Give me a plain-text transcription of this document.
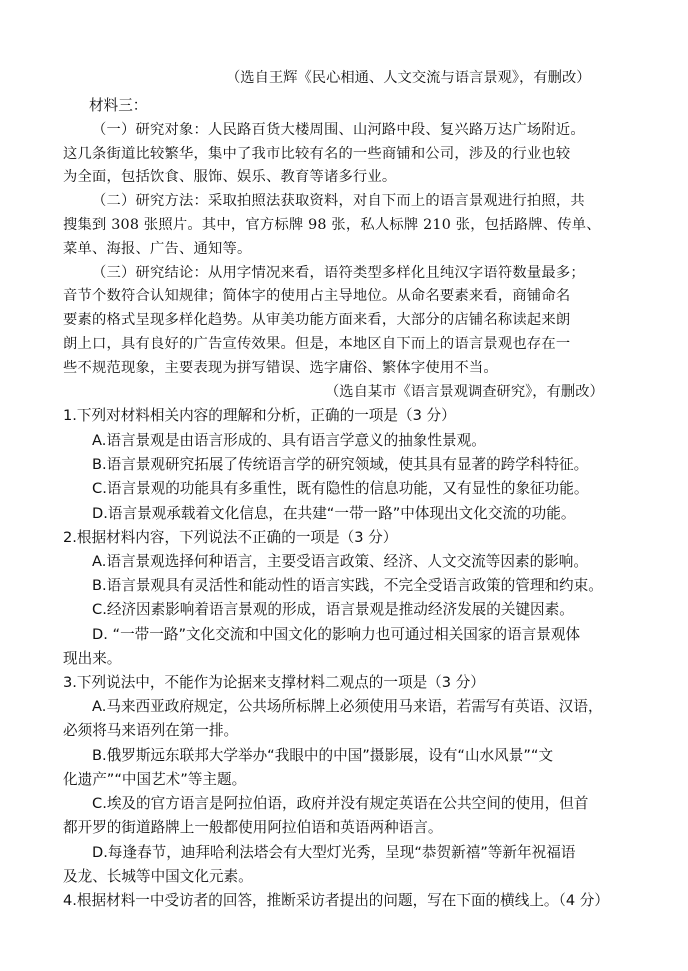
（选自王辉《民心相通、人文交流与语言景观》，有删改）
材料三：
（一）研究对象：人民路百货大楼周围、山河路中段、复兴路万达广场附近。
这几条街道比较繁华，集中了我市比较有名的一些商铺和公司，涉及的行业也较
为全面，包括饮食、服饰、娱乐、教育等诸多行业。
（二）研究方法：采取拍照法获取资料，对自下而上的语言景观进行拍照，共
搜集到 308 张照片。其中，官方标牌 98 张，私人标牌 210 张，包括路牌、传单、
菜单、海报、广告、通知等。
（三）研究结论：从用字情况来看，语符类型多样化且纯汉字语符数量最多；
音节个数符合认知规律；简体字的使用占主导地位。从命名要素来看，商铺命名
要素的格式呈现多样化趋势。从审美功能方面来看，大部分的店铺名称读起来朗
朗上口，具有良好的广告宣传效果。但是，本地区自下而上的语言景观也存在一
些不规范现象，主要表现为拼写错误、选字庸俗、繁体字使用不当。
（选自某市《语言景观调查研究》，有删改）
1.下列对材料相关内容的理解和分析，正确的一项是（3 分）
A.语言景观是由语言形成的、具有语言学意义的抽象性景观。
B.语言景观研究拓展了传统语言学的研究领域，使其具有显著的跨学科特征。
C.语言景观的功能具有多重性，既有隐性的信息功能，又有显性的象征功能。
D.语言景观承载着文化信息，在共建“一带一路”中体现出文化交流的功能。
2.根据材料内容，下列说法不正确的一项是（3 分）
A.语言景观选择何种语言，主要受语言政策、经济、人文交流等因素的影响。
B.语言景观具有灵活性和能动性的语言实践，不完全受语言政策的管理和约束。
C.经济因素影响着语言景观的形成，语言景观是推动经济发展的关键因素。
D. “一带一路”文化交流和中国文化的影响力也可通过相关国家的语言景观体
现出来。
3.下列说法中，不能作为论据来支撑材料二观点的一项是（3 分）
A.马来西亚政府规定，公共场所标牌上必须使用马来语，若需写有英语、汉语，
必须将马来语列在第一排。
B.俄罗斯远东联邦大学举办“我眼中的中国”摄影展，设有“山水风景”“文
化遗产”“中国艺术”等主题。
C.埃及的官方语言是阿拉伯语，政府并没有规定英语在公共空间的使用，但首
都开罗的街道路牌上一般都使用阿拉伯语和英语两种语言。
D.每逢春节，迪拜哈利法塔会有大型灯光秀，呈现“恭贺新禧”等新年祝福语
及龙、长城等中国文化元素。
4.根据材料一中受访者的回答，推断采访者提出的问题，写在下面的横线上。（4 分）
